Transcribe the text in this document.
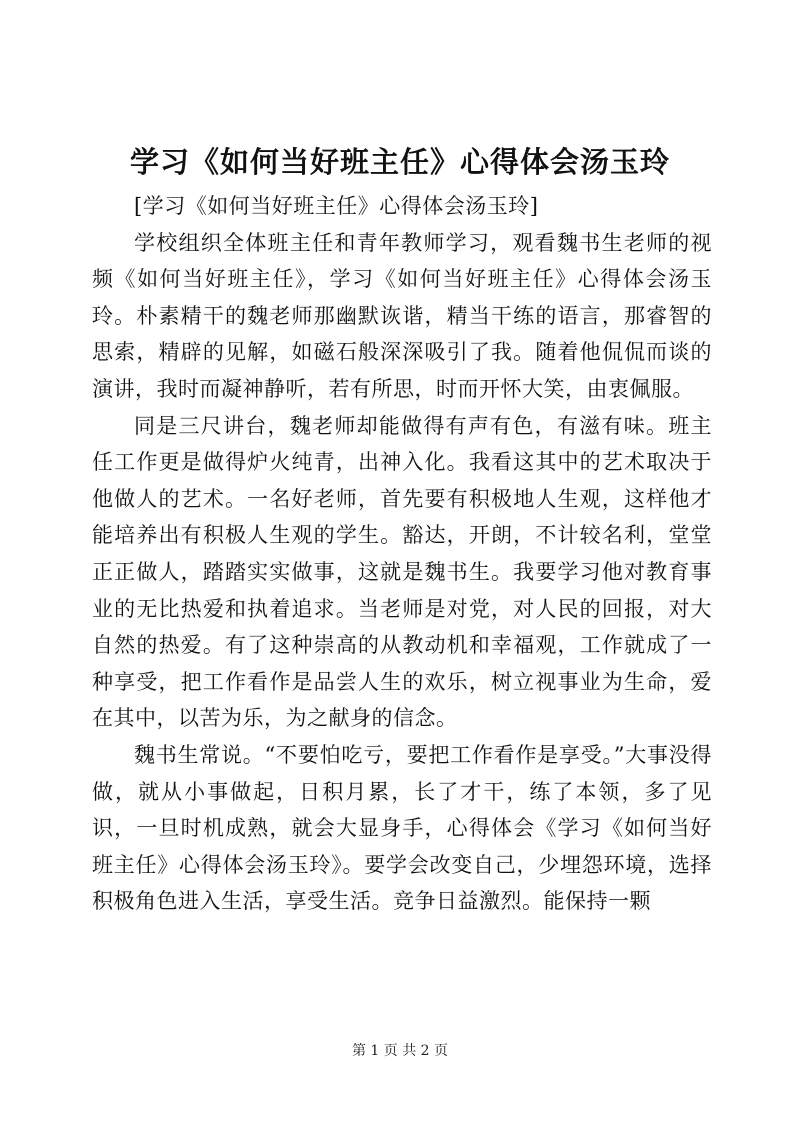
学习《如何当好班主任》心得体会汤玉玲

[学习《如何当好班主任》心得体会汤玉玲]

学校组织全体班主任和青年教师学习，观看魏书生老师的视频《如何当好班主任》，学习《如何当好班主任》心得体会汤玉玲。朴素精干的魏老师那幽默诙谐，精当干练的语言，那睿智的思索，精辟的见解，如磁石般深深吸引了我。随着他侃侃而谈的演讲，我时而凝神静听，若有所思，时而开怀大笑，由衷佩服。

同是三尺讲台，魏老师却能做得有声有色，有滋有味。班主任工作更是做得炉火纯青，出神入化。我看这其中的艺术取决于他做人的艺术。一名好老师，首先要有积极地人生观，这样他才能培养出有积极人生观的学生。豁达，开朗，不计较名利，堂堂正正做人，踏踏实实做事，这就是魏书生。我要学习他对教育事业的无比热爱和执着追求。当老师是对党，对人民的回报，对大自然的热爱。有了这种崇高的从教动机和幸福观，工作就成了一种享受，把工作看作是品尝人生的欢乐，树立视事业为生命，爱在其中，以苦为乐，为之献身的信念。

魏书生常说。“不要怕吃亏，要把工作看作是享受。”大事没得做，就从小事做起，日积月累，长了才干，练了本领，多了见识，一旦时机成熟，就会大显身手，心得体会《学习《如何当好班主任》心得体会汤玉玲》。要学会改变自己，少埋怨环境，选择积极角色进入生活，享受生活。竞争日益激烈。能保持一颗

第 1 页 共 2 页
